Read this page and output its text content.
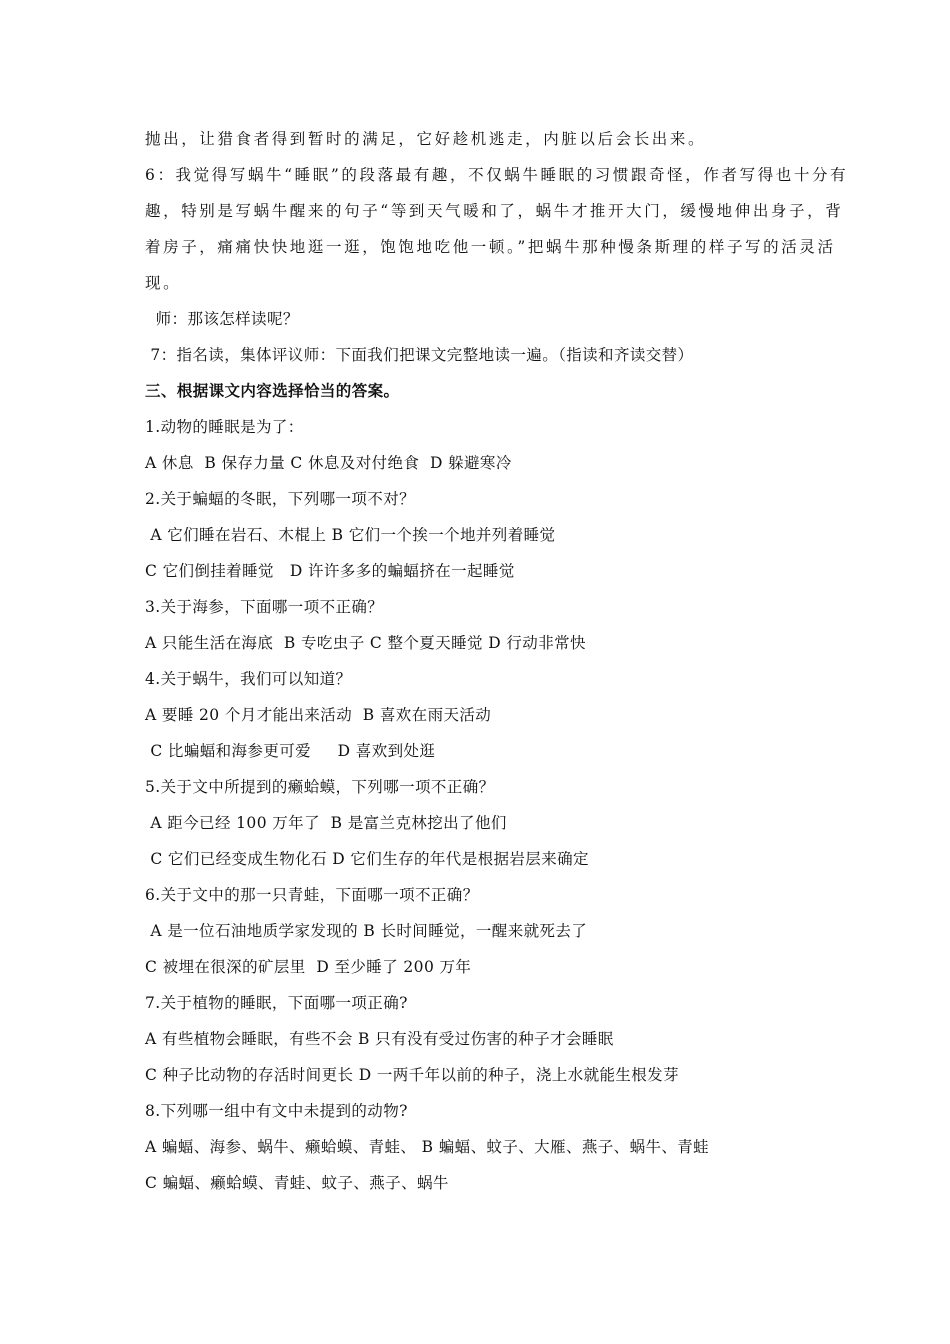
抛出，让猎食者得到暂时的满足，它好趁机逃走，内脏以后会长出来。
6：我觉得写蜗牛“睡眠”的段落最有趣，不仅蜗牛睡眠的习惯跟奇怪，作者写得也十分有
趣，特别是写蜗牛醒来的句子“等到天气暖和了，蜗牛才推开大门，缓慢地伸出身子，背
着房子，痛痛快快地逛一逛，饱饱地吃他一顿。”把蜗牛那种慢条斯理的样子写的活灵活
现。
师：那该怎样读呢？
7：指名读，集体评议师：下面我们把课文完整地读一遍。（指读和齐读交替）
三、根据课文内容选择恰当的答案。
1.动物的睡眠是为了：
A 休息  B 保存力量 C 休息及对付绝食  D 躲避寒冷
2.关于蝙蝠的冬眠，下列哪一项不对？
A 它们睡在岩石、木棍上 B 它们一个挨一个地并列着睡觉
C 它们倒挂着睡觉   D 许许多多的蝙蝠挤在一起睡觉
3.关于海参，下面哪一项不正确？
A 只能生活在海底  B 专吃虫子 C 整个夏天睡觉 D 行动非常快
4.关于蜗牛，我们可以知道？
A 要睡 20 个月才能出来活动  B 喜欢在雨天活动
C 比蝙蝠和海参更可爱     D 喜欢到处逛
5.关于文中所提到的癞蛤蟆，下列哪一项不正确？
A 距今已经 100 万年了  B 是富兰克林挖出了他们
C 它们已经变成生物化石 D 它们生存的年代是根据岩层来确定
6.关于文中的那一只青蛙，下面哪一项不正确？
A 是一位石油地质学家发现的 B 长时间睡觉，一醒来就死去了
C 被埋在很深的矿层里  D 至少睡了 200 万年
7.关于植物的睡眠，下面哪一项正确?
A 有些植物会睡眠，有些不会 B 只有没有受过伤害的种子才会睡眠
C 种子比动物的存活时间更长 D 一两千年以前的种子，浇上水就能生根发芽
8.下列哪一组中有文中未提到的动物?
A 蝙蝠、海参、蜗牛、癞蛤蟆、青蛙、 B 蝙蝠、蚊子、大雁、燕子、蜗牛、青蛙
C 蝙蝠、癞蛤蟆、青蛙、蚊子、燕子、蜗牛
